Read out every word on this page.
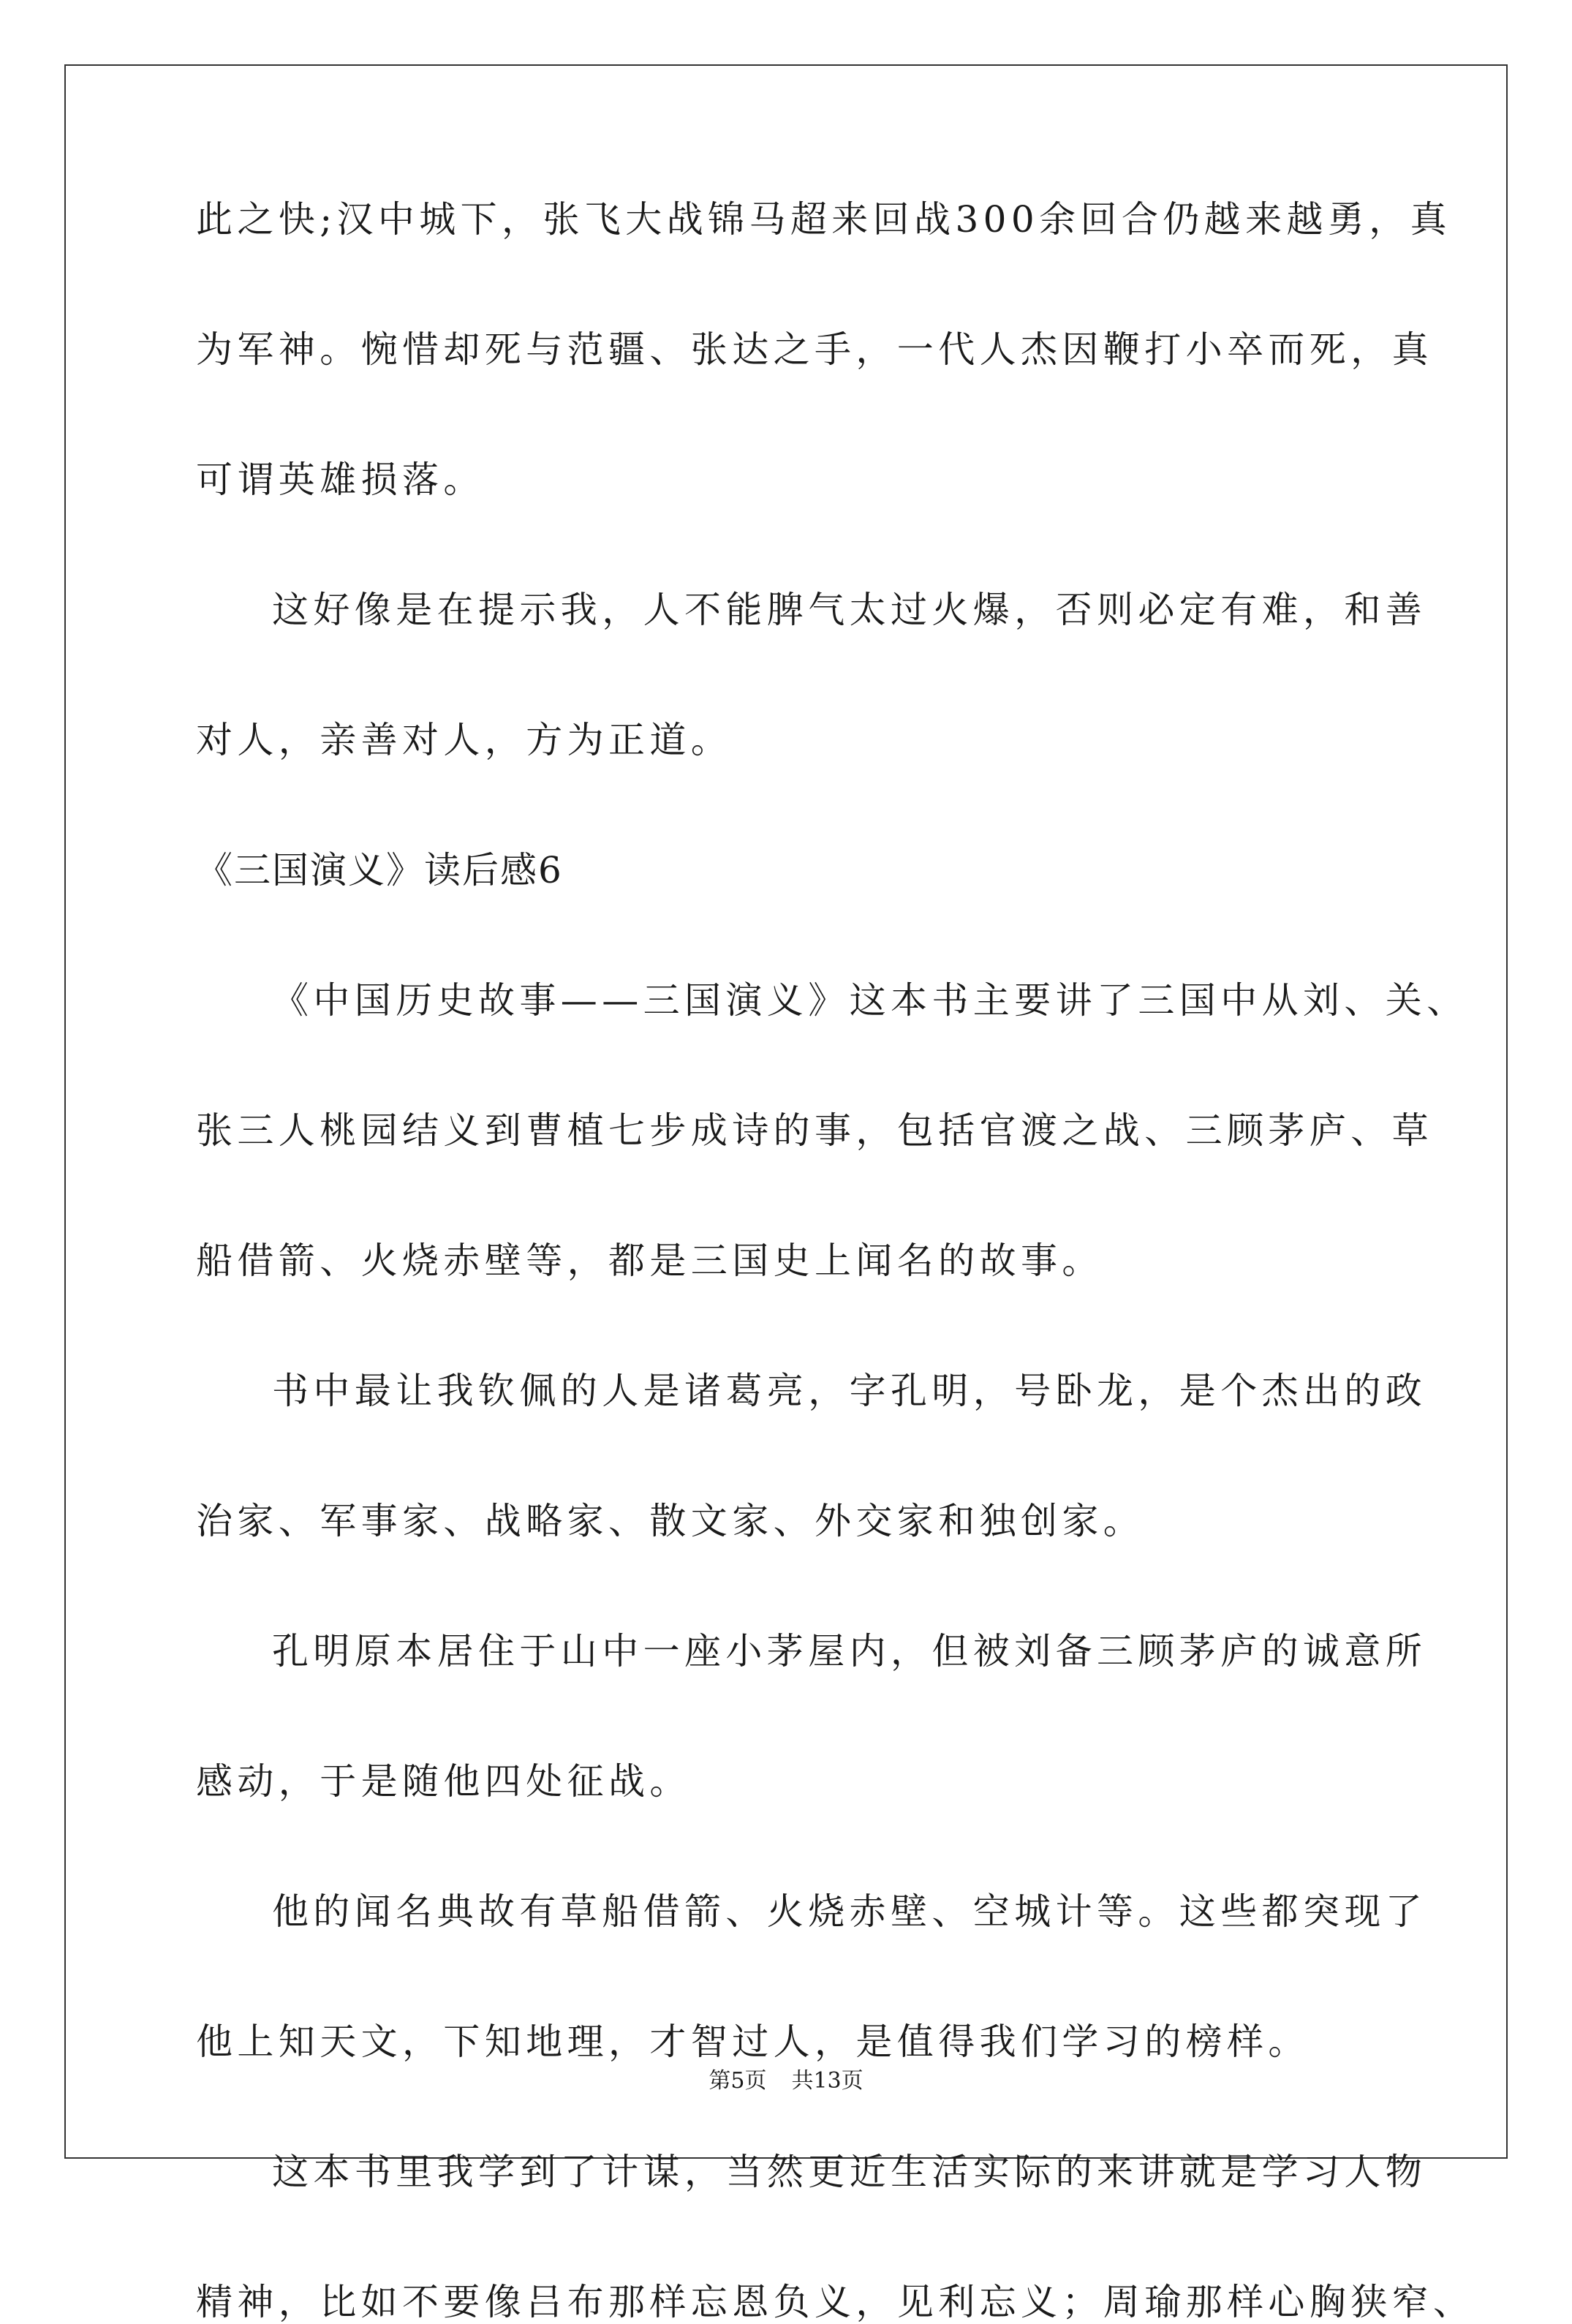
此之快;汉中城下，张飞大战锦马超来回战300余回合仍越来越勇，真

为军神。惋惜却死与范疆、张达之手，一代人杰因鞭打小卒而死，真

可谓英雄损落。

这好像是在提示我，人不能脾气太过火爆，否则必定有难，和善

对人，亲善对人，方为正道。

《三国演义》读后感6

《中国历史故事——三国演义》这本书主要讲了三国中从刘、关、

张三人桃园结义到曹植七步成诗的事，包括官渡之战、三顾茅庐、草

船借箭、火烧赤壁等，都是三国史上闻名的故事。

书中最让我钦佩的人是诸葛亮，字孔明，号卧龙，是个杰出的政

治家、军事家、战略家、散文家、外交家和独创家。

孔明原本居住于山中一座小茅屋内，但被刘备三顾茅庐的诚意所

感动，于是随他四处征战。

他的闻名典故有草船借箭、火烧赤壁、空城计等。这些都突现了

他上知天文，下知地理，才智过人，是值得我们学习的榜样。

这本书里我学到了计谋，当然更近生活实际的来讲就是学习人物

精神，比如不要像吕布那样忘恩负义，见利忘义；周瑜那样心胸狭窄、

第5页 共13页
